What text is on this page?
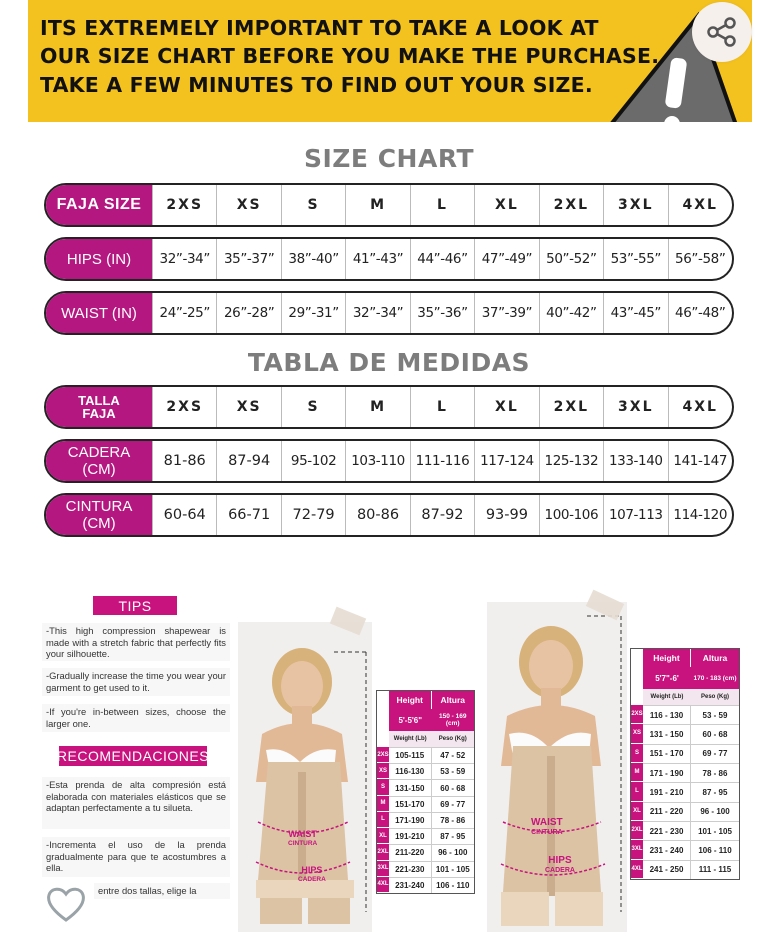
ITS EXTREMELY IMPORTANT TO TAKE A LOOK AT
OUR SIZE CHART BEFORE YOU MAKE THE PURCHASE.
TAKE A FEW MINUTES TO FIND OUT YOUR SIZE.
SIZE CHART
FAJA SIZE	2XS	XS	S	M	L	XL	2XL	3XL	4XL
HIPS (IN)	32”-34”	35”-37”	38”-40”	41”-43”	44”-46”	47”-49”	50”-52”	53”-55”	56”-58”
WAIST (IN)	24”-25”	26”-28”	29”-31”	32”-34”	35”-36”	37”-39”	40”-42”	43”-45”	46”-48”
TABLA DE MEDIDAS
TALLA
FAJA	2XS	XS	S	M	L	XL	2XL	3XL	4XL
CADERA
(CM)	81-86	87-94	95-102	103-110 111-116 117-124 125-132 133-140 141-147
CINTURA
(CM)	60-64	66-71	72-79	80-86	87-92	93-99	100-106 107-113 114-120
TIPS
-This high compression shapewear is made with a stretch fabric that perfectly fits your silhouette.
-Gradually increase the time you wear your garment to get used to it.
-If you're in-between sizes, choose the larger one.
RECOMENDACIONES
-Esta prenda de alta compresión está elaborada con materiales elásticos que se adaptan perfectamente a tu silueta.
-Incrementa el uso de la prenda gradualmente para que te acostumbres a ella.
entre dos tallas, elige la
WAIST
CINTURA
HIPS
CADERA
WAIST
CINTURA
HIPS
CADERA
Height	Altura
5'-5'6"	150 - 169 (cm)
Weight (Lb)	Peso (Kg)
2XS 105-115	47 - 52
XS	116-130	53 - 59
S	131-150	60 - 68
M	151-170	69 - 77
L	171-190	78 - 86
XL	191-210	87 - 95
2XL 211-220	96 - 100
3XL 221-230	101 - 105
4XL 231-240	106 - 110
Height	Altura
5'7"-6'	170 - 183 (cm)
Weight (Lb)	Peso (Kg)
2XS 116 - 130	53 - 59
XS	131 - 150	60 - 68
S	151 - 170	69 - 77
M	171 - 190	78 - 86
L	191 - 210	87 - 95
XL	211 - 220	96 - 100
2XL 221 - 230	101 - 105
3XL 231 - 240	106 - 110
4XL 241 - 250	111 - 115
